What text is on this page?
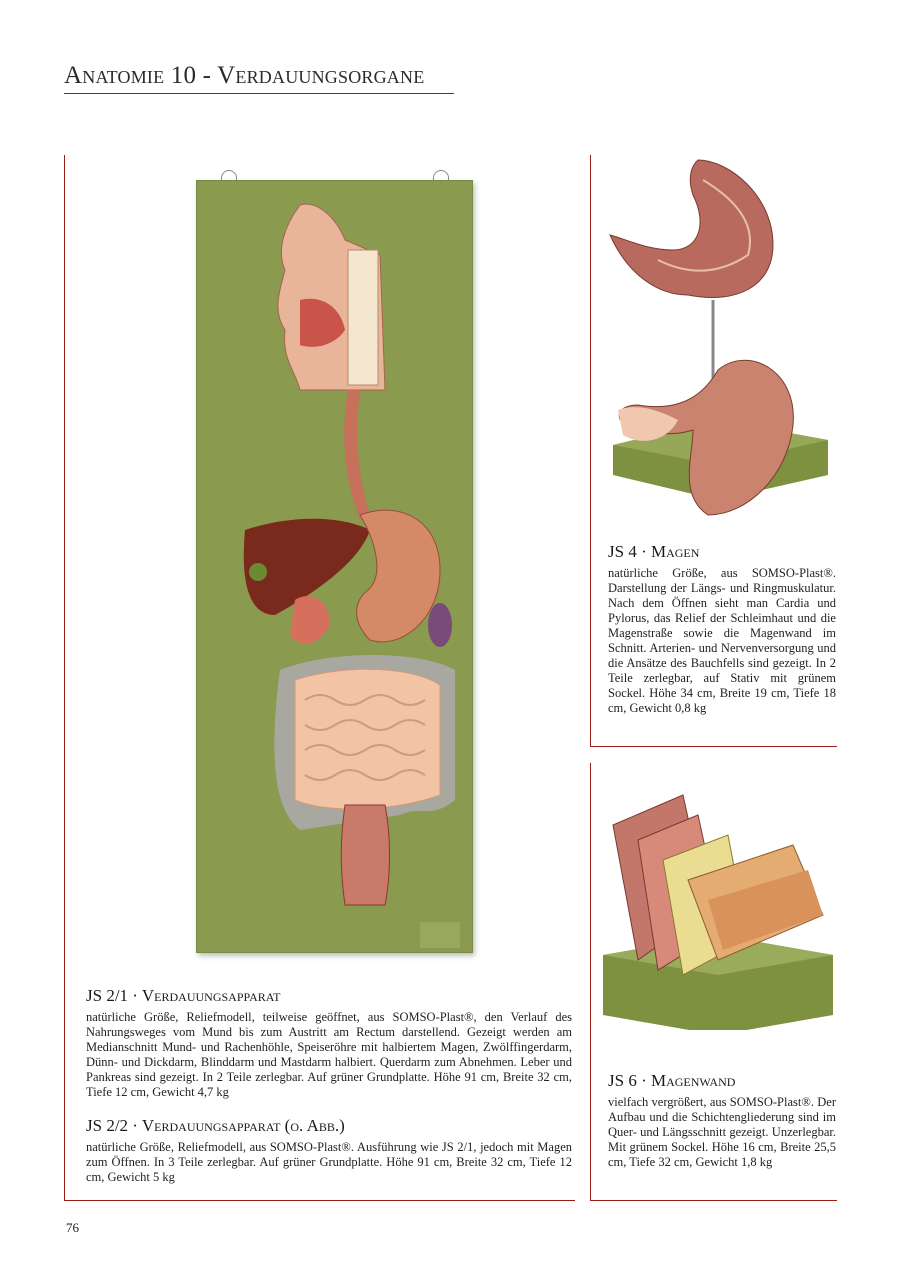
Anatomie 10 - Verdauungsorgane
JS 2/1 · Verdauungsapparat

natürliche Größe, Reliefmodell, teilweise geöffnet, aus SOMSO-Plast®, den Verlauf des Nahrungsweges vom Mund bis zum Austritt am Rectum darstellend. Gezeigt werden am Medianschnitt Mund- und Rachenhöhle, Speiseröhre mit halbiertem Magen, Zwölffingerdarm, Dünn- und Dickdarm, Blinddarm und Mastdarm halbiert. Querdarm zum Abnehmen. Leber und Pankreas sind gezeigt. In 2 Teile zerlegbar. Auf grüner Grundplatte. Höhe 91 cm, Breite 32 cm, Tiefe 12 cm, Gewicht 4,7 kg

JS 2/2 · Verdauungsapparat (o. Abb.)

natürliche Größe, Reliefmodell, aus SOMSO-Plast®. Ausführung wie JS 2/1, jedoch mit Magen zum Öffnen. In 3 Teile zerlegbar. Auf grüner Grundplatte. Höhe 91 cm, Breite 32 cm, Tiefe 12 cm, Gewicht 5 kg

JS 4 · Magen

natürliche Größe, aus SOMSO-Plast®. Darstellung der Längs- und Ringmuskulatur. Nach dem Öffnen sieht man Cardia und Pylorus, das Relief der Schleimhaut und die Magenstraße sowie die Magenwand im Schnitt. Arterien- und Nervenversorgung und die Ansätze des Bauchfells sind gezeigt. In 2 Teile zerlegbar, auf Stativ mit grünem Sockel. Höhe 34 cm, Breite 19 cm, Tiefe 18 cm, Gewicht 0,8 kg

JS 6 · Magenwand

vielfach vergrößert, aus SOMSO-Plast®. Der Aufbau und die Schichtengliederung sind im Quer- und Längsschnitt gezeigt. Unzerlegbar. Mit grünem Sockel. Höhe 16 cm, Breite 25,5 cm, Tiefe 32 cm, Gewicht 1,8 kg

76
